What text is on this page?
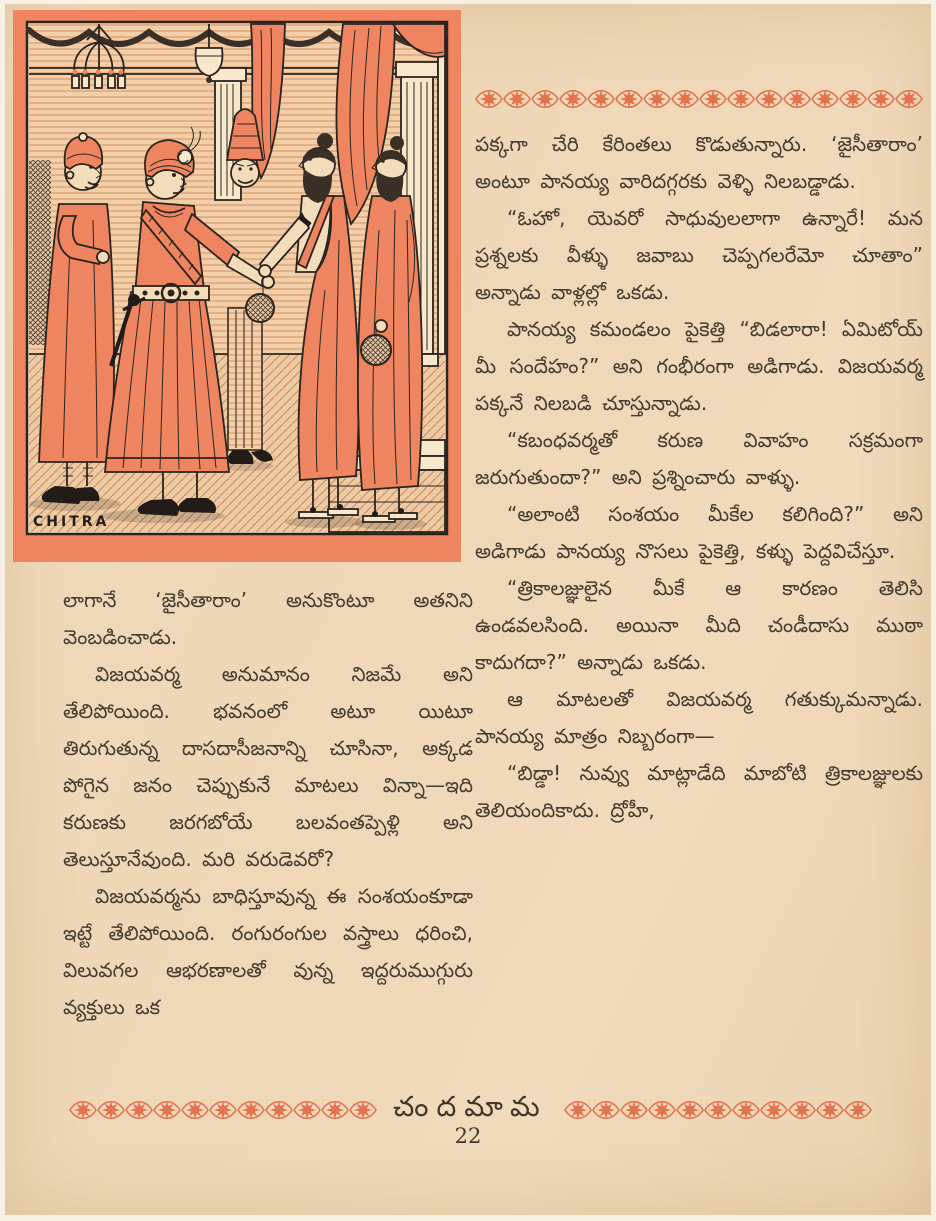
CHITRA

పక్కగా చేరి కేరింతలు కొడుతున్నారు. ‘జైసీతారాం’ అంటూ పానయ్య వారిదగ్గరకు వెళ్ళి నిలబడ్డాడు.

“ఓహో, యెవరో సాధువులలాగా ఉన్నారే! మన ప్రశ్నలకు వీళ్ళు జవాబు చెప్పగలరేమో చూతాం” అన్నాడు వాళ్లల్లో ఒకడు.

పానయ్య కమండలం పైకెత్తి “బిడలారా! ఏమిటోయ్ మీ సందేహం?” అని గంభీరంగా అడిగాడు. విజయవర్మ పక్కనే నిలబడి చూస్తున్నాడు.

“కబంధవర్మతో కరుణ వివాహం సక్రమంగా జరుగుతుందా?” అని ప్రశ్నించారు వాళ్ళు.

“అలాంటి సంశయం మీకేల కలిగింది?” అని అడిగాడు పానయ్య నొసలు పైకెత్తి, కళ్ళు పెద్దవిచేస్తూ.

“త్రికాలజ్ఞులైన మీకే ఆ కారణం తెలిసి ఉండవలసింది. అయినా మీది చండీదాసు ముఠా కాదుగదా?” అన్నాడు ఒకడు.

ఆ మాటలతో విజయవర్మ గతుక్కుమన్నాడు. పానయ్య మాత్రం నిబ్బరంగా—

“బిడ్డా! నువ్వు మాట్లాడేది మాబోటి త్రికాలజ్ఞులకు తెలియందికాదు. ద్రోహీ,

లాగానే ‘జైసీతారాం’ అనుకొంటూ అతనిని వెంబడించాడు.

విజయవర్మ అనుమానం నిజమే అని తేలిపోయింది. భవనంలో అటూ యిటూ తిరుగుతున్న దాసదాసీజనాన్ని చూసినా, అక్కడ పోగైన జనం చెప్పుకునే మాటలు విన్నా—ఇది కరుణకు జరగబోయే బలవంతప్పెళ్లి అని తెలుస్తూనేవుంది. మరి వరుడెవరో?

విజయవర్మను బాధిస్తూవున్న ఈ సంశయంకూడా ఇట్టే తేలిపోయింది. రంగురంగుల వస్త్రాలు ధరించి, విలువగల ఆభరణాలతో వున్న ఇద్దరుముగ్గురు వ్యక్తులు ఒక

చందమామ
22
